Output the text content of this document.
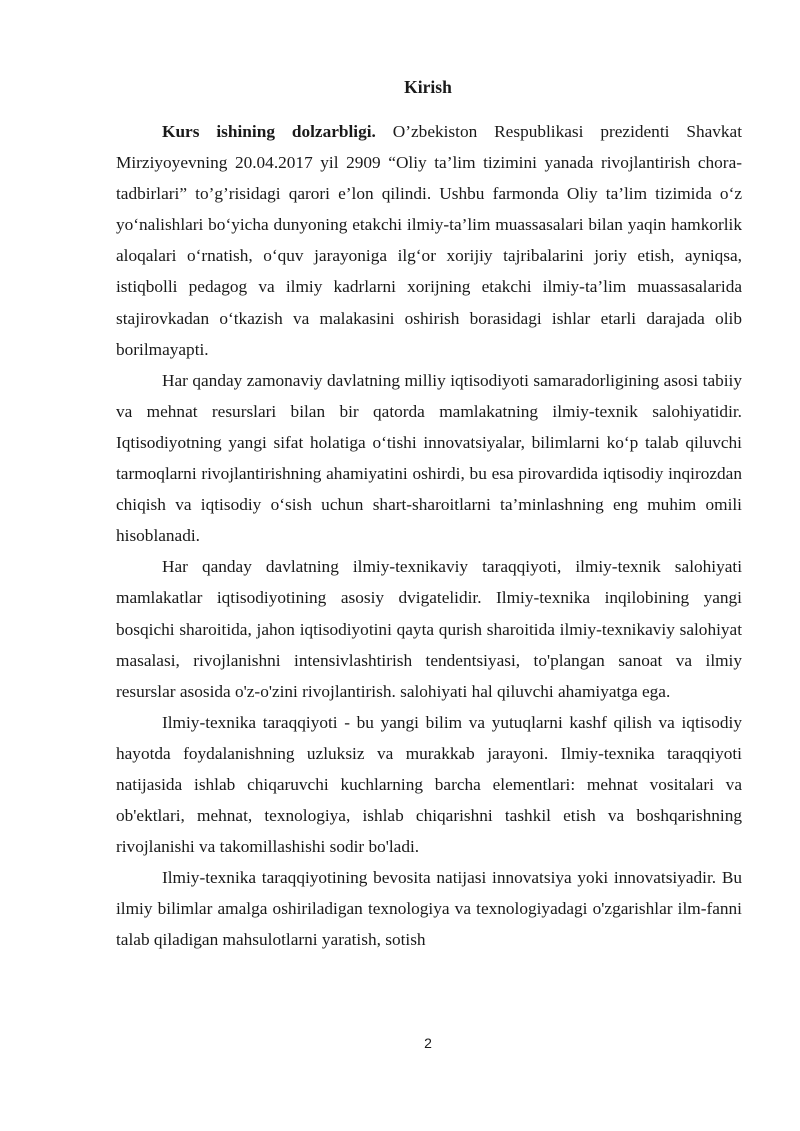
Kirish

Kurs ishining dolzarbligi. O’zbekiston Respublikasi prezidenti Shavkat Mirziyoyevning 20.04.2017 yil 2909 “Oliy ta’lim tizimini yanada rivojlantirish chora-tadbirlari” to’g’risidagi qarori e’lon qilindi. Ushbu farmonda Oliy ta’lim tizimida o‘z yo‘nalishlari bo‘yicha dunyoning etakchi ilmiy-ta’lim muassasalari bilan yaqin hamkorlik aloqalari o‘rnatish, o‘quv jarayoniga ilg‘or xorijiy tajribalarini joriy etish, ayniqsa, istiqbolli pedagog va ilmiy kadrlarni xorijning etakchi ilmiy-ta’lim muassasalarida stajirovkadan o‘tkazish va malakasini oshirish borasidagi ishlar etarli darajada olib borilmayapti.

Har qanday zamonaviy davlatning milliy iqtisodiyoti samaradorligining asosi tabiiy va mehnat resurslari bilan bir qatorda mamlakatning ilmiy-texnik salohiyatidir. Iqtisodiyotning yangi sifat holatiga o‘tishi innovatsiyalar, bilimlarni ko‘p talab qiluvchi tarmoqlarni rivojlantirishning ahamiyatini oshirdi, bu esa pirovardida iqtisodiy inqirozdan chiqish va iqtisodiy o‘sish uchun shart-sharoitlarni ta’minlashning eng muhim omili hisoblanadi.

Har qanday davlatning ilmiy-texnikaviy taraqqiyoti, ilmiy-texnik salohiyati mamlakatlar iqtisodiyotining asosiy dvigatelidir. Ilmiy-texnika inqilobining yangi bosqichi sharoitida, jahon iqtisodiyotini qayta qurish sharoitida ilmiy-texnikaviy salohiyat masalasi, rivojlanishni intensivlashtirish tendentsiyasi, to'plangan sanoat va ilmiy resurslar asosida o'z-o'zini rivojlantirish. salohiyati hal qiluvchi ahamiyatga ega.

Ilmiy-texnika taraqqiyoti - bu yangi bilim va yutuqlarni kashf qilish va iqtisodiy hayotda foydalanishning uzluksiz va murakkab jarayoni. Ilmiy-texnika taraqqiyoti natijasida ishlab chiqaruvchi kuchlarning barcha elementlari: mehnat vositalari va ob'ektlari, mehnat, texnologiya, ishlab chiqarishni tashkil etish va boshqarishning rivojlanishi va takomillashishi sodir bo'ladi.

Ilmiy-texnika taraqqiyotining bevosita natijasi innovatsiya yoki innovatsiyadir. Bu ilmiy bilimlar amalga oshiriladigan texnologiya va texnologiyadagi o'zgarishlar ilm-fanni talab qiladigan mahsulotlarni yaratish, sotish

2
